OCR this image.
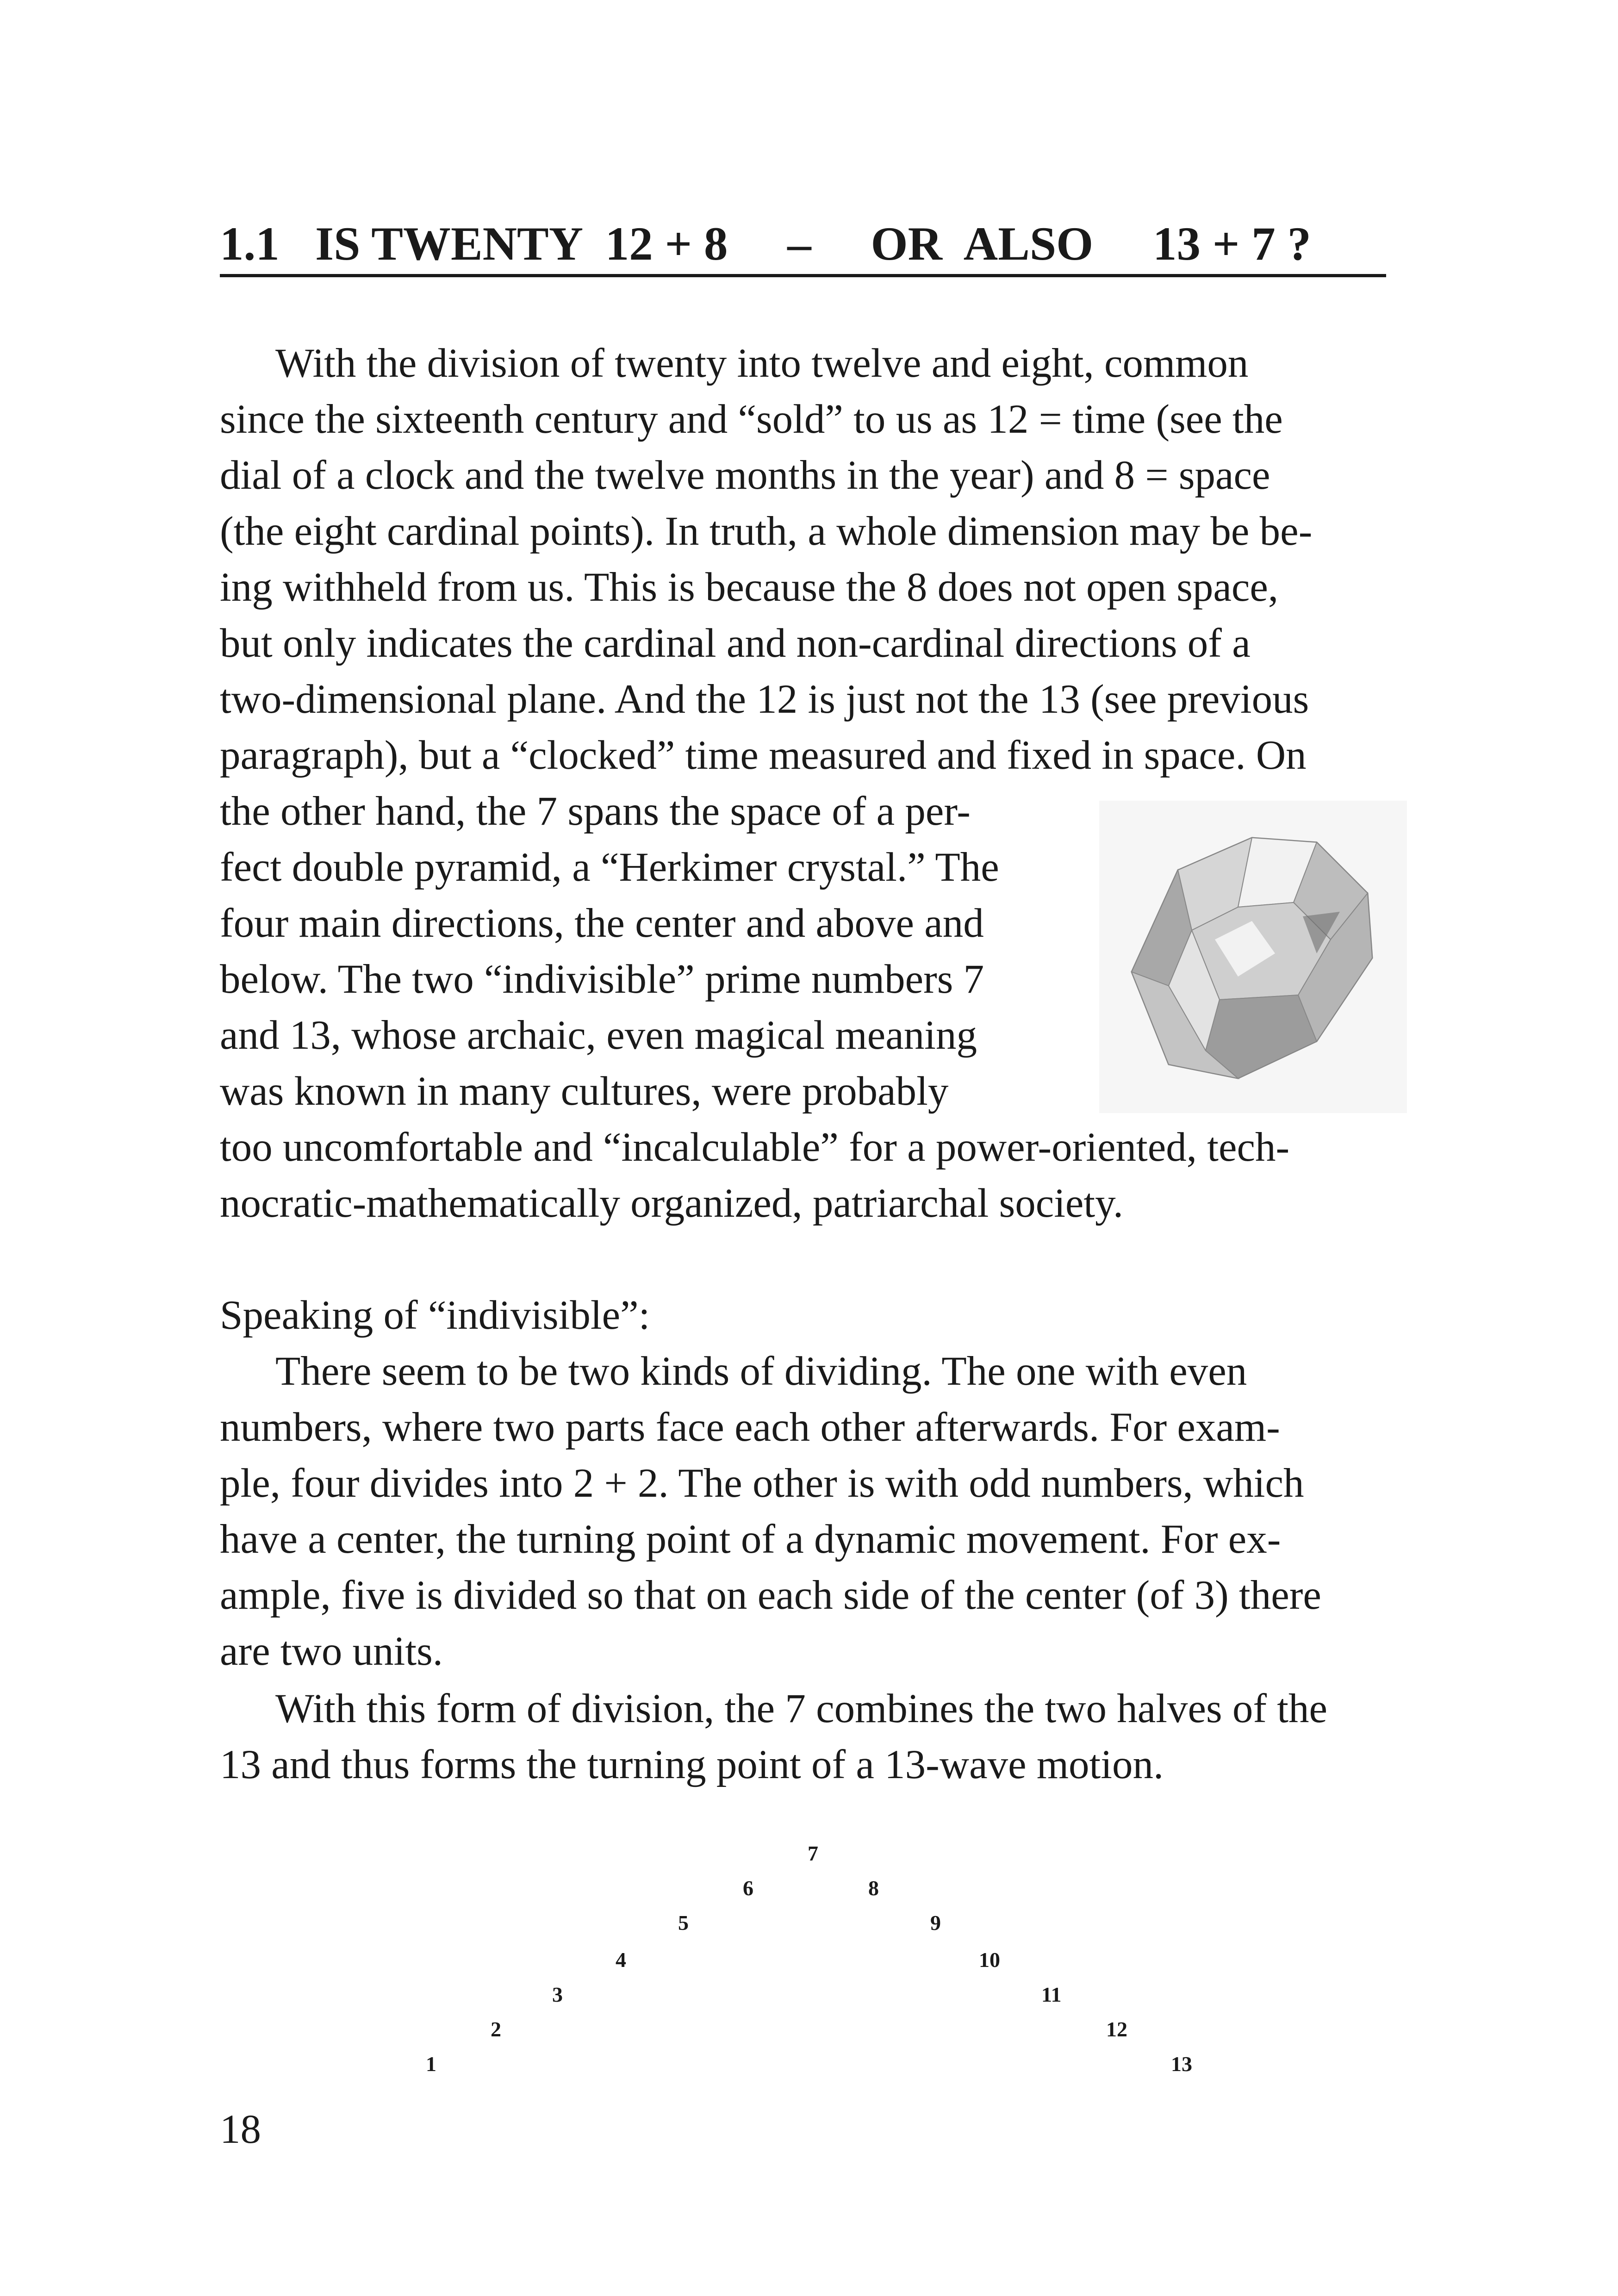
1.1   IS TWENTY  12 + 8     –     OR  ALSO     13 + 7 ?

With the division of twenty into twelve and eight, common

since the sixteenth century and “sold” to us as 12 = time (see the

dial of a clock and the twelve months in the year) and 8 = space

(the eight cardinal points). In truth, a whole dimension may be be-

ing withheld from us. This is because the 8 does not open space,

but only indicates the cardinal and non-cardinal directions of a

two-dimensional plane. And the 12 is just not the 13 (see previous

paragraph), but a “clocked” time measured and fixed in space. On

the other hand, the 7 spans the space of a per-

fect double pyramid, a “Herkimer crystal.” The

four main directions, the center and above and

below. The two “indivisible” prime numbers 7

and 13, whose archaic, even magical meaning

was known in many cultures, were probably

too uncomfortable and “incalculable” for a power-oriented, tech-

nocratic-mathematically organized, patriarchal society.

Speaking of “indivisible”:

There seem to be two kinds of dividing. The one with even

numbers, where two parts face each other afterwards. For exam-

ple, four divides into 2 + 2. The other is with odd numbers, which

have a center, the turning point of a dynamic movement. For ex-

ample, five is divided so that on each side of the center (of 3) there

are two units.

With this form of division, the 7 combines the two halves of the

13 and thus forms the turning point of a 13-wave motion.

7
6	8
5	9
4	10
3	11
2	12
1	13
18
